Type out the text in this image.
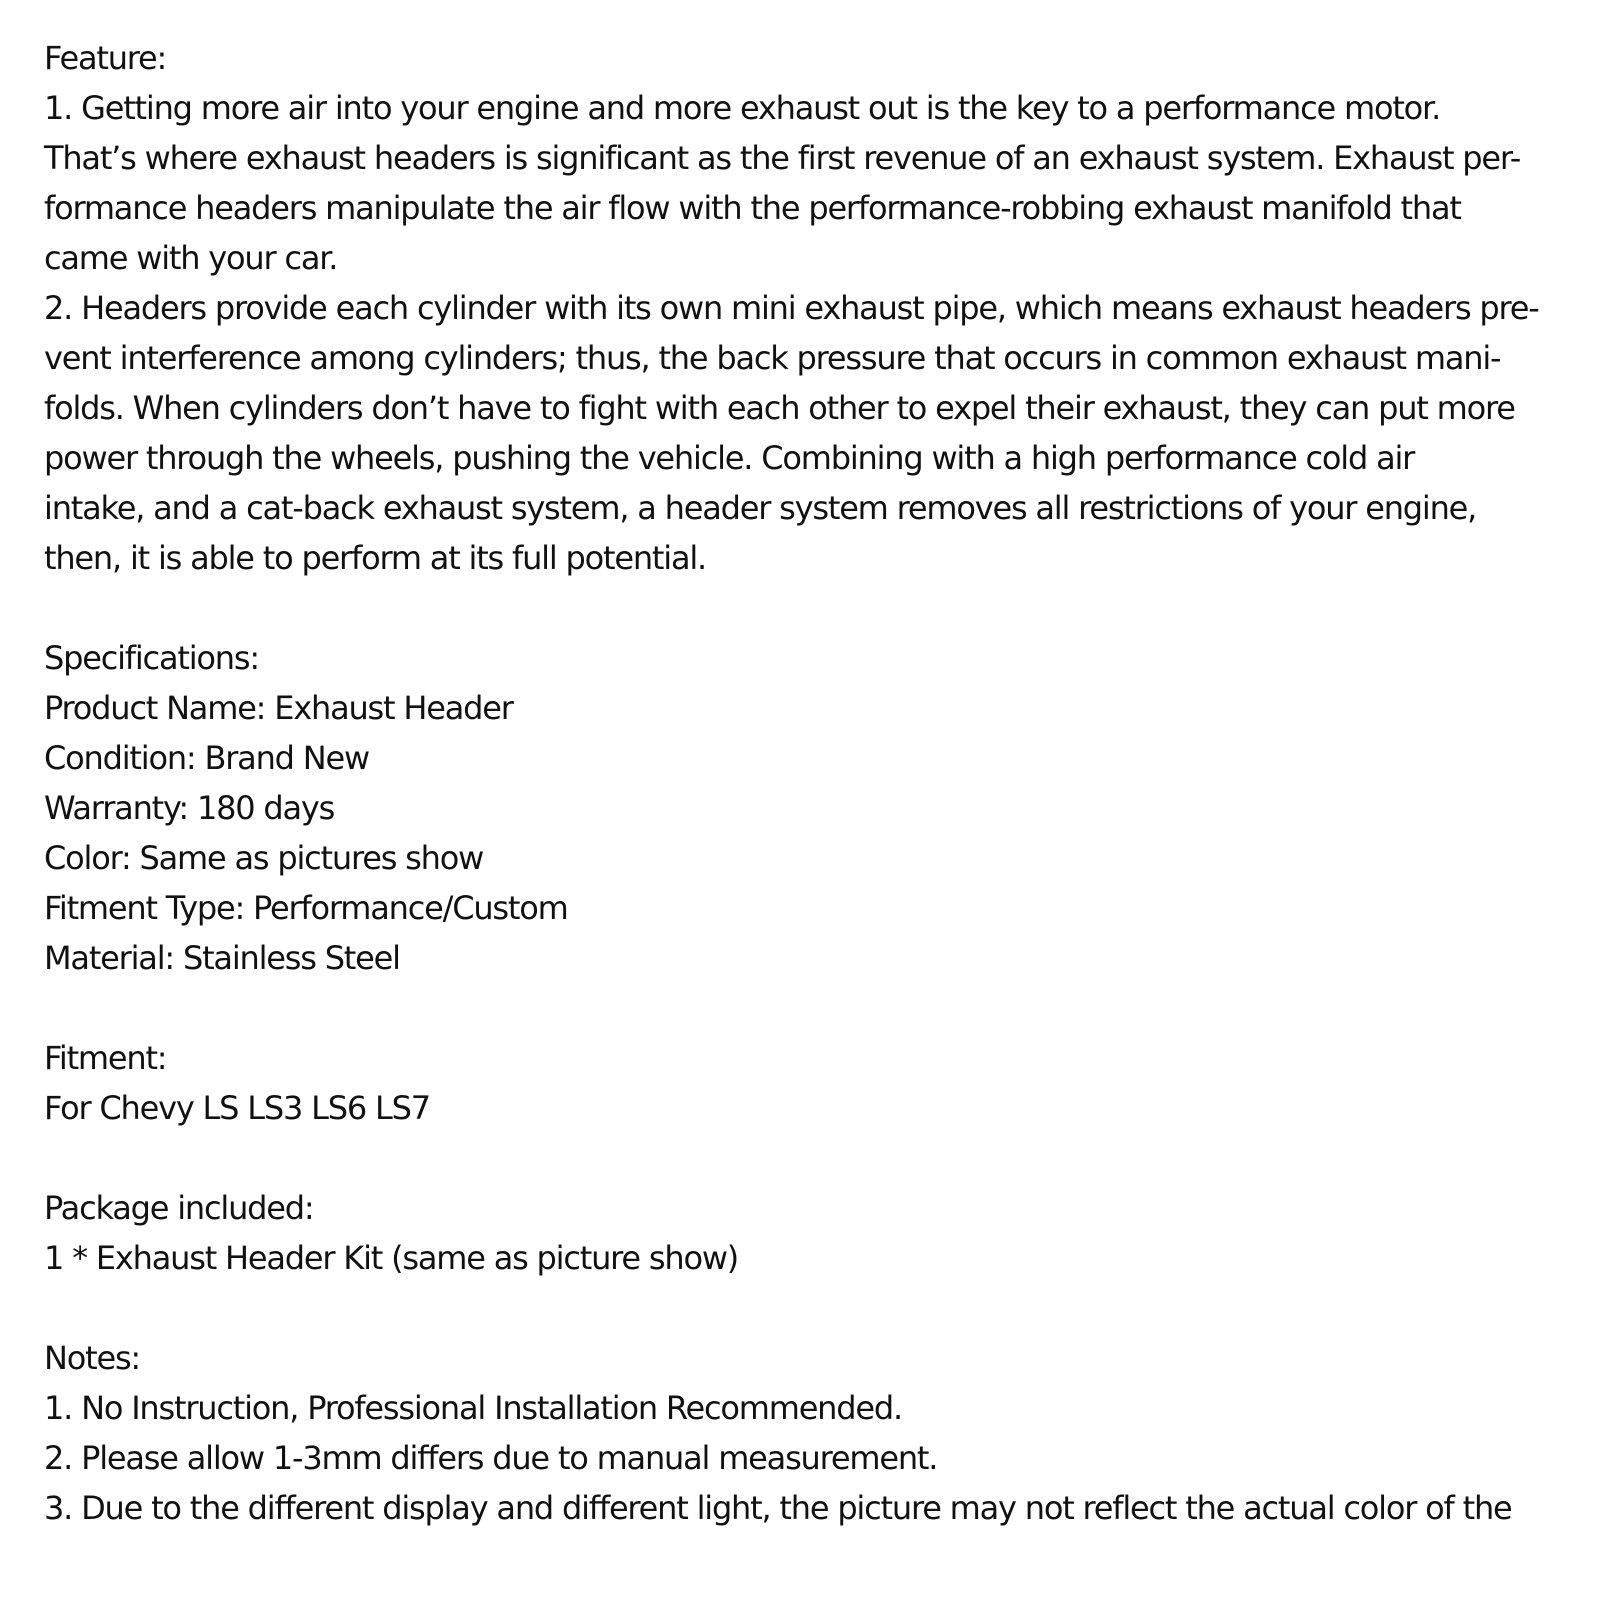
Feature:
1. Getting more air into your engine and more exhaust out is the key to a performance motor.
That’s where exhaust headers is significant as the first revenue of an exhaust system. Exhaust per-
formance headers manipulate the air flow with the performance-robbing exhaust manifold that
came with your car.
2. Headers provide each cylinder with its own mini exhaust pipe, which means exhaust headers pre-
vent interference among cylinders; thus, the back pressure that occurs in common exhaust mani-
folds. When cylinders don’t have to fight with each other to expel their exhaust, they can put more
power through the wheels, pushing the vehicle. Combining with a high performance cold air
intake, and a cat-back exhaust system, a header system removes all restrictions of your engine,
then, it is able to perform at its full potential.
Specifications:
Product Name: Exhaust Header
Condition: Brand New
Warranty: 180 days
Color: Same as pictures show
Fitment Type: Performance/Custom
Material: Stainless Steel
Fitment:
For Chevy LS LS3 LS6 LS7
Package included:
1 * Exhaust Header Kit (same as picture show)
Notes:
1. No Instruction, Professional Installation Recommended.
2. Please allow 1-3mm differs due to manual measurement.
3. Due to the different display and different light, the picture may not reflect the actual color of the
